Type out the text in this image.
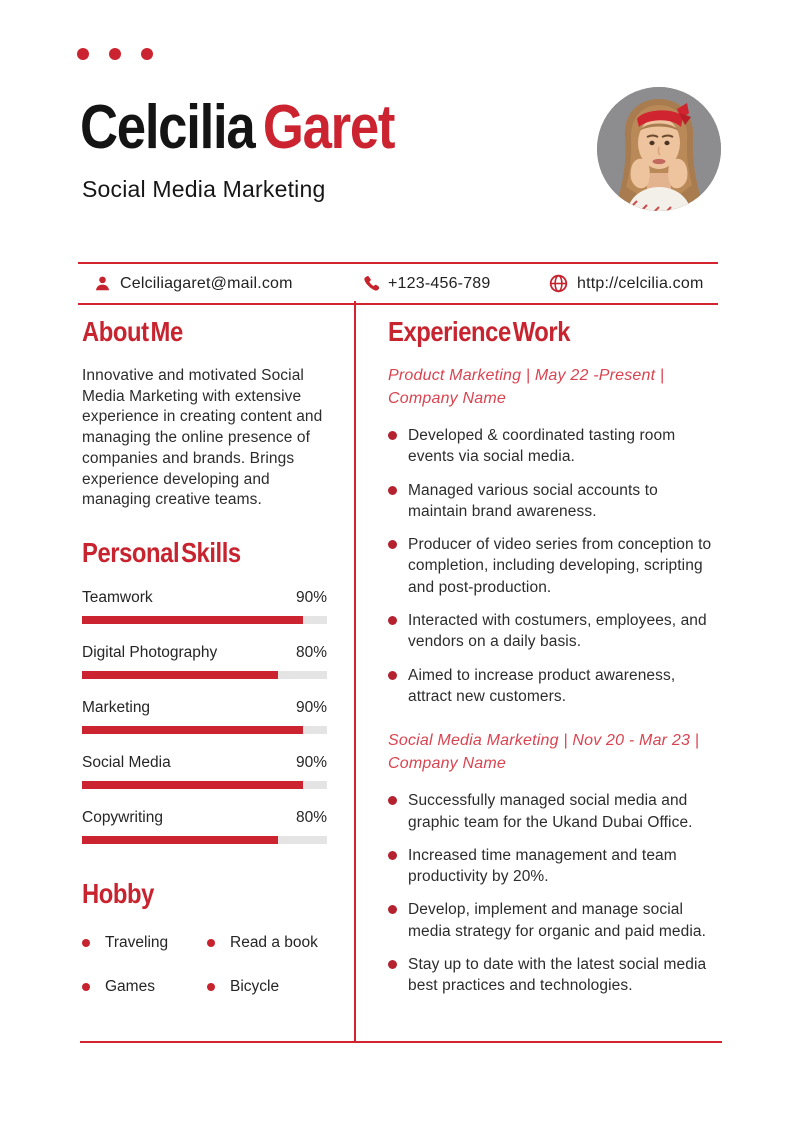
Celcilia Garet
Social Media Marketing
Celciliagaret@mail.com	+123-456-789	http://celcilia.com
About Me

Innovative and motivated Social Media Marketing with extensive experience in creating content and managing the online presence of companies and brands. Brings experience developing and managing creative teams.

Personal Skills
Teamwork	90%
Digital Photography	80%
Marketing	90%
Social Media	90%
Copywriting	80%
Hobby
Traveling	Read a book
Games	Bicycle
Experience Work

Product Marketing | May 22 -Present | Company Name

Developed & coordinated tasting room events via social media.
Managed various social accounts to maintain brand awareness.
Producer of video series from conception to completion, including developing, scripting and post-production.
Interacted with costumers, employees, and vendors on a daily basis.
Aimed to increase product awareness, attract new customers.

Social Media Marketing | Nov 20 - Mar 23 | Company Name

Successfully managed social media and graphic team for the Ukand Dubai Office.
Increased time management and team productivity by 20%.
Develop, implement and manage social media strategy for organic and paid media.
Stay up to date with the latest social media best practices and technologies.
